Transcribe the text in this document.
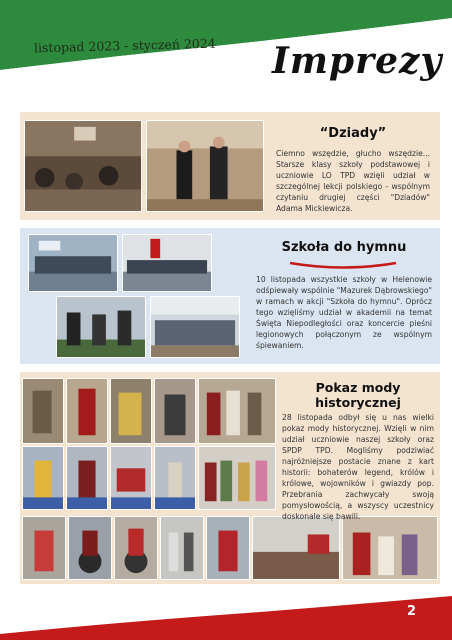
listopad 2023 - styczeń 2024 Imprezy
“Dziady”
Ciemno wszędzie, głucho wszędzie... Starsze klasy szkoły podstawowej i uczniowie LO TPD wzięli udział w szczególnej lekcji polskiego - wspólnym czytaniu drugiej części "Dziadów" Adama Mickiewicza.
Szkoła do hymnu
10 listopada wszystkie szkoły w Helenowie odśpiewały wspólnie "Mazurek Dąbrowskiego" w ramach w akcji "Szkoła do hymnu". Oprócz tego wzięliśmy udział w akademii na temat Święta Niepodległości oraz koncercie pieśni legionowych połączonym ze wspólnym śpiewaniem.
Pokaz mody historycznej
28 listopada odbył się u nas wielki pokaz mody historycznej. Wzięli w nim udział uczniowie naszej szkoły oraz SPDP TPD. Mogliśmy podziwiać najróżniejsze postacie znane z kart historii: bohaterów legend, królów i królowe, wojowników i gwiazdy pop. Przebrania zachwycały swoją pomysłowością, a wszyscy uczestnicy doskonale się bawili.
2
